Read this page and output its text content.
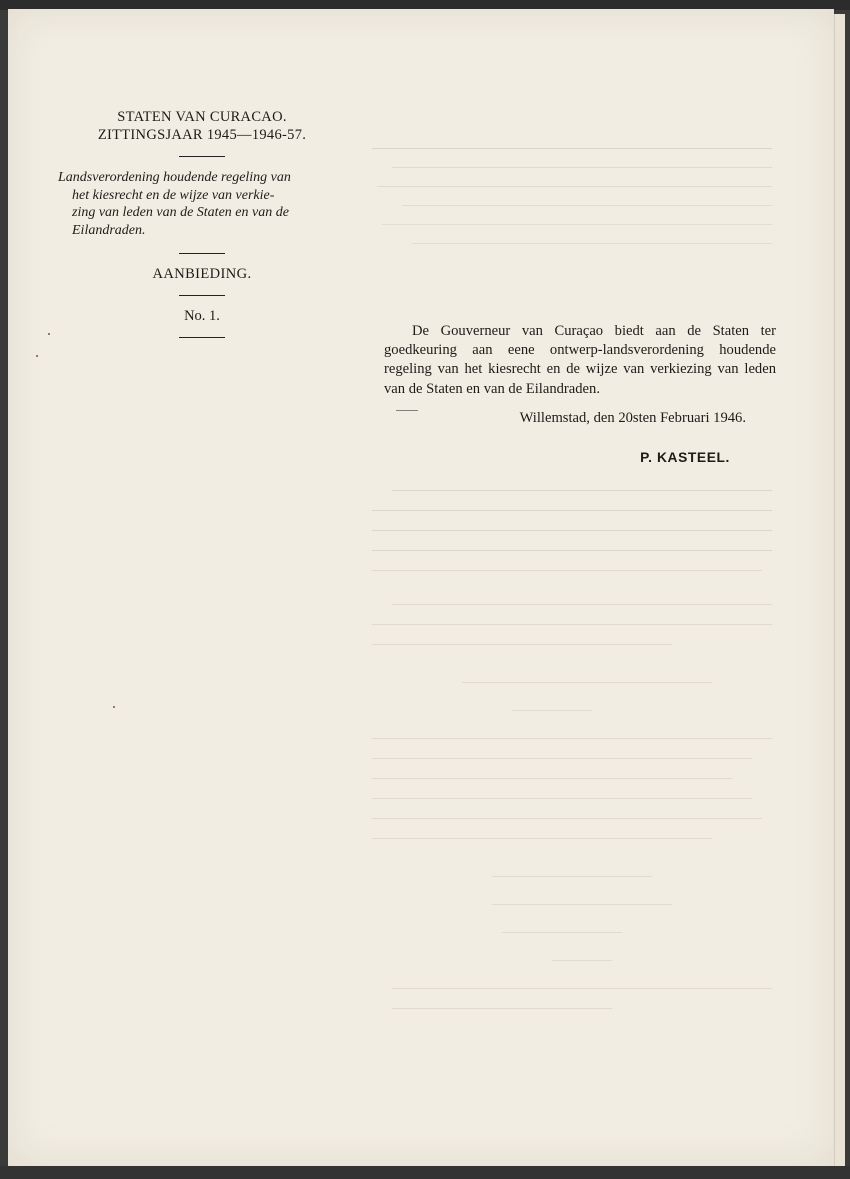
STATEN VAN CURACAO.
ZITTINGSJAAR 1945—1946-57.
Landsverordening houdende regeling van
het kiesrecht en de wijze van verkie-
zing van leden van de Staten en van de
Eilandraden.
AANBIEDING.
No. 1.

De Gouverneur van Curaçao biedt aan de Staten ter goedkeuring aan eene ontwerp-landsverordening houdende regeling van het kiesrecht en de wijze van verkiezing van leden van de Staten en van de Eilandraden.

Willemstad, den 20sten Februari 1946.
P. KASTEEL.
